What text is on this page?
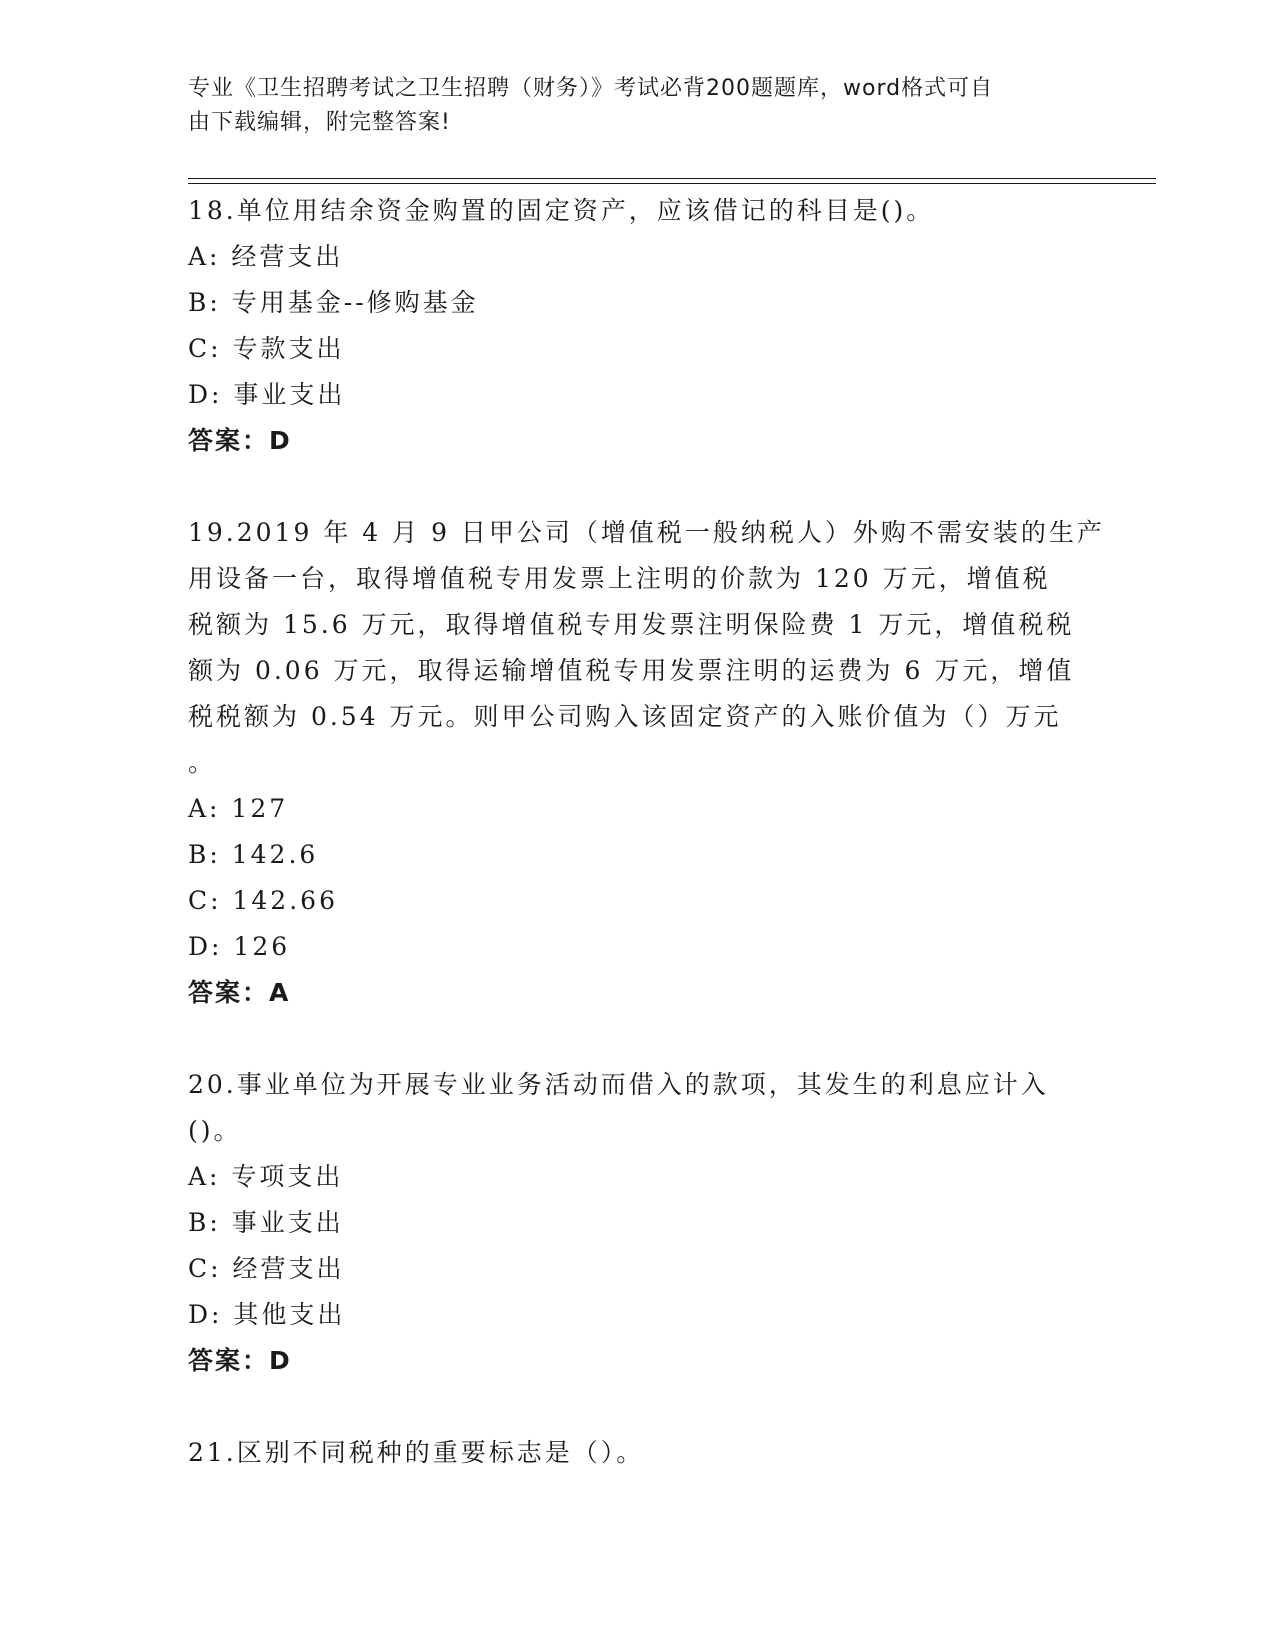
专业《卫生招聘考试之卫生招聘（财务）》考试必背200题题库，word格式可自
由下载编辑，附完整答案!
18.单位用结余资金购置的固定资产，应该借记的科目是()。
A: 经营支出
B: 专用基金--修购基金
C: 专款支出
D: 事业支出
答案：D
19.2019 年 4 月 9 日甲公司（增值税一般纳税人）外购不需安装的生产
用设备一台，取得增值税专用发票上注明的价款为 120 万元，增值税
税额为 15.6 万元，取得增值税专用发票注明保险费 1 万元，增值税税
额为 0.06 万元，取得运输增值税专用发票注明的运费为 6 万元，增值
税税额为 0.54 万元。则甲公司购入该固定资产的入账价值为（）万元
。
A: 127
B: 142.6
C: 142.66
D: 126
答案：A
20.事业单位为开展专业业务活动而借入的款项，其发生的利息应计入
()。
A: 专项支出
B: 事业支出
C: 经营支出
D: 其他支出
答案：D
21.区别不同税种的重要标志是（）。
